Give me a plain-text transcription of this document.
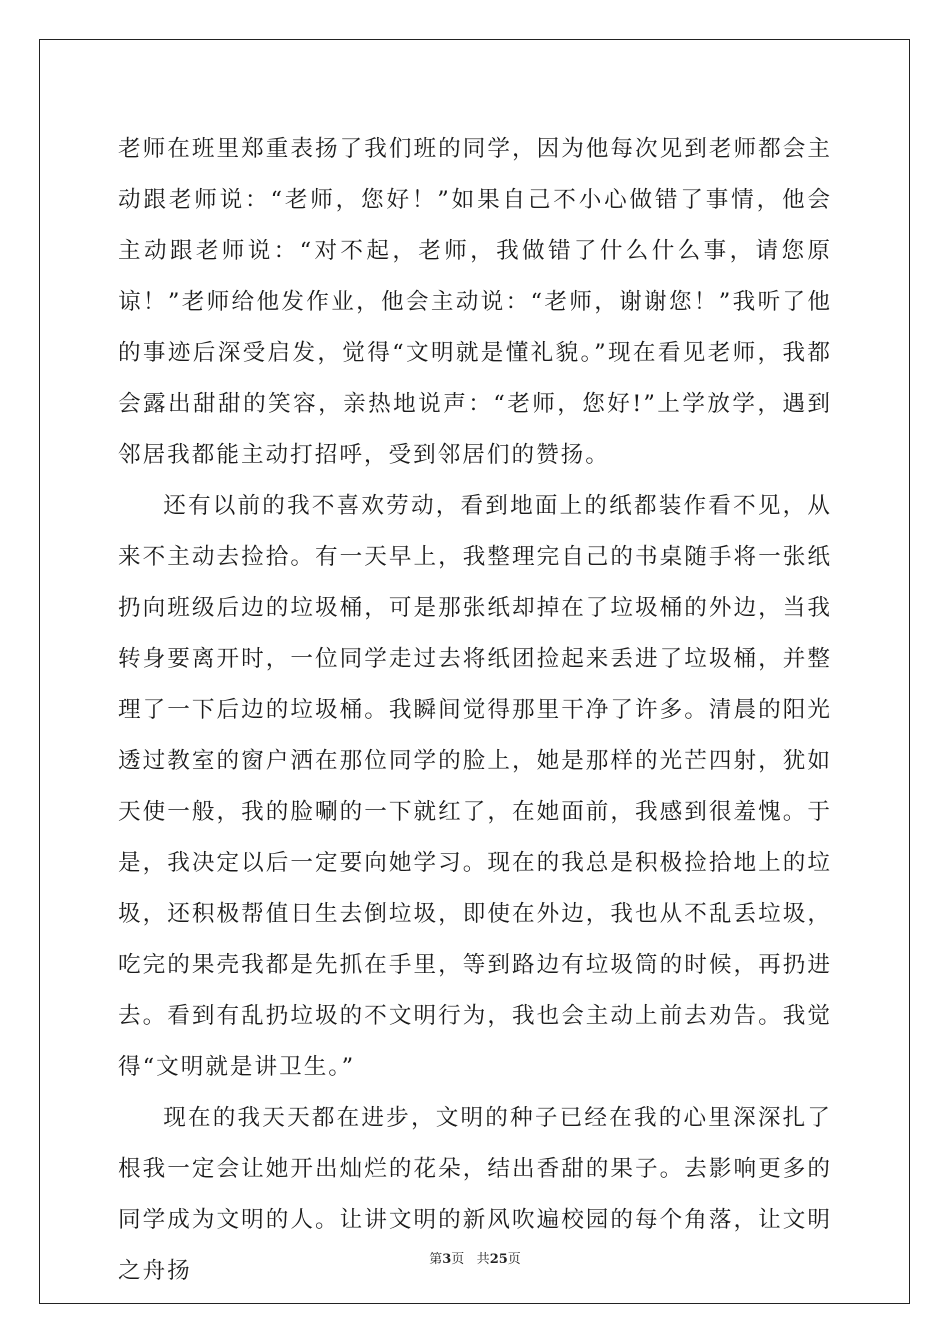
老师在班里郑重表扬了我们班的同学，因为他每次见到老师都会主动跟老师说：“老师，您好！”如果自己不小心做错了事情，他会主动跟老师说：“对不起，老师，我做错了什么什么事，请您原谅！”老师给他发作业，他会主动说：“老师，谢谢您！”我听了他的事迹后深受启发，觉得“文明就是懂礼貌。”现在看见老师，我都会露出甜甜的笑容，亲热地说声：“老师，您好!”上学放学，遇到邻居我都能主动打招呼，受到邻居们的赞扬。

还有以前的我不喜欢劳动，看到地面上的纸都装作看不见，从来不主动去捡拾。有一天早上，我整理完自己的书桌随手将一张纸扔向班级后边的垃圾桶，可是那张纸却掉在了垃圾桶的外边，当我转身要离开时，一位同学走过去将纸团捡起来丢进了垃圾桶，并整理了一下后边的垃圾桶。我瞬间觉得那里干净了许多。清晨的阳光透过教室的窗户洒在那位同学的脸上，她是那样的光芒四射，犹如天使一般，我的脸唰的一下就红了，在她面前，我感到很羞愧。于是，我决定以后一定要向她学习。现在的我总是积极捡拾地上的垃圾，还积极帮值日生去倒垃圾，即使在外边，我也从不乱丢垃圾，吃完的果壳我都是先抓在手里，等到路边有垃圾筒的时候，再扔进去。看到有乱扔垃圾的不文明行为，我也会主动上前去劝告。我觉得“文明就是讲卫生。”

现在的我天天都在进步，文明的种子已经在我的心里深深扎了根我一定会让她开出灿烂的花朵，结出香甜的果子。去影响更多的同学成为文明的人。让讲文明的新风吹遍校园的每个角落，让文明之舟扬	第3页 共25页
